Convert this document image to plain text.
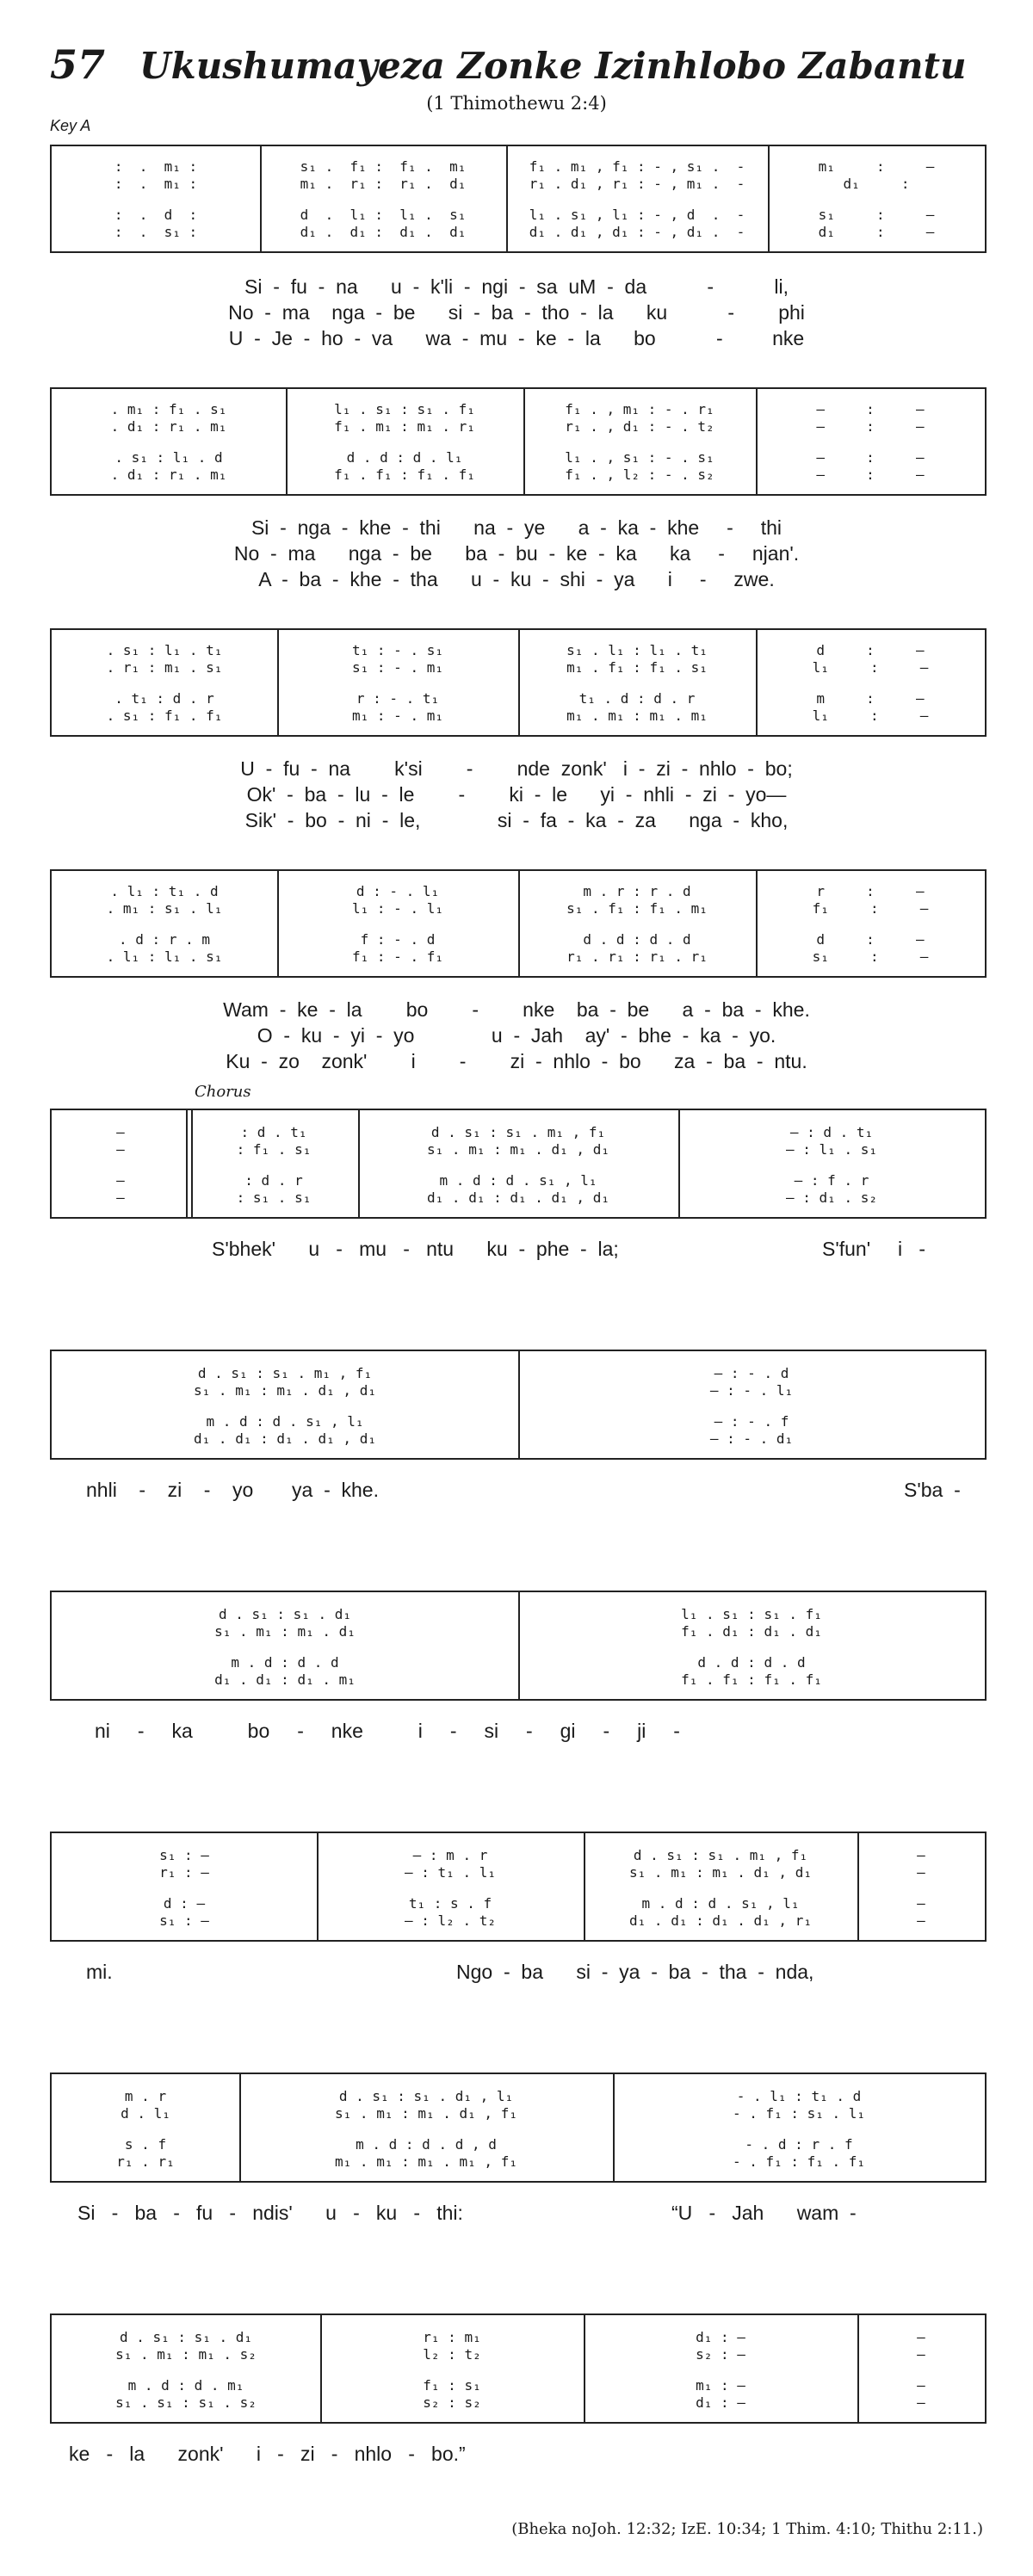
57 Ukushumayeza Zonke Izinhlobo Zabantu
(1 Thimothewu 2:4)
Key A
Chorus
:  .  m₁ :	s₁ .  f₁ :  f₁ .  m₁	f₁ . m₁ , f₁ : - , s₁ .  -	m₁     :     —
:  .  m₁ :	m₁ .  r₁ :  r₁ .  d₁	r₁ . d₁ , r₁ : - , m₁ .  -	d₁     :
:  .  d  :	d  .  l₁ :  l₁ .  s₁	l₁ . s₁ , l₁ : - , d  .  -	s₁     :     —
:  .  s₁ :	d₁ .  d₁ :  d₁ .  d₁	d₁ . d₁ , d₁ : - , d₁ .  -	d₁     :     —
Si  -  fu  -  na      u  -  k'li  -  ngi  -  sa  uM  -  da           -           li,
No  -  ma    nga  -  be      si  -  ba  -  tho  -  la      ku           -        phi
U  -  Je  -  ho  -  va      wa  -  mu  -  ke  -  la      bo           -         nke
. m₁ : f₁ . s₁	l₁ . s₁ : s₁ . f₁	f₁ . , m₁ : - . r₁	—     :     —
. d₁ : r₁ . m₁	f₁ . m₁ : m₁ . r₁	r₁ . , d₁ : - . t₂	—     :     —
. s₁ : l₁ . d	d . d : d . l₁	l₁ . , s₁ : - . s₁	—     :     —
. d₁ : r₁ . m₁	f₁ . f₁ : f₁ . f₁	f₁ . , l₂ : - . s₂	—     :     —
Si  -  nga  -  khe  -  thi      na  -  ye      a  -  ka  -  khe     -     thi
No  -  ma      nga  -  be      ba  -  bu  -  ke  -  ka      ka     -     njan'.
A  -  ba  -  khe  -  tha      u  -  ku  -  shi  -  ya      i     -     zwe.
. s₁ : l₁ . t₁	t₁ : - . s₁	s₁ . l₁ : l₁ . t₁	d     :     —
. r₁ : m₁ . s₁	s₁ : - . m₁	m₁ . f₁ : f₁ . s₁	l₁     :     —
. t₁ : d . r	r : - . t₁	t₁ . d : d . r	m     :     —
. s₁ : f₁ . f₁	m₁ : - . m₁	m₁ . m₁ : m₁ . m₁	l₁     :     —
U  -  fu  -  na        k'si        -        nde  zonk'   i  -  zi  -  nhlo  -  bo;
Ok'  -  ba  -  lu  -  le        -        ki  -  le      yi  -  nhli  -  zi  -  yo—
Sik'  -  bo  -  ni  -  le,              si  -  fa  -  ka  -  za      nga  -  kho,
. l₁ : t₁ . d	d : - . l₁	m . r : r . d	r     :     —
. m₁ : s₁ . l₁	l₁ : - . l₁	s₁ . f₁ : f₁ . m₁	f₁     :     —
. d : r . m	f : - . d	d . d : d . d	d     :     —
. l₁ : l₁ . s₁	f₁ : - . f₁	r₁ . r₁ : r₁ . r₁	s₁     :     —
Wam  -  ke  -  la        bo        -        nke    ba  -  be      a  -  ba  -  khe.
O  -  ku  -  yi  -  yo              u  -  Jah    ay'  -  bhe  -  ka  -  yo.
Ku  -  zo    zonk'        i        -        zi  -  nhlo  -  bo      za  -  ba  -  ntu.
—	: d . t₁	d . s₁ : s₁ . m₁ , f₁	— : d . t₁
—	: f₁ . s₁	s₁ . m₁ : m₁ . d₁ , d₁	— : l₁ . s₁
—	: d . r	m . d : d . s₁ , l₁	— : f . r
—	: s₁ . s₁	d₁ . d₁ : d₁ . d₁ , d₁	— : d₁ . s₂
S'bhek'      u   -   mu   -   ntu      ku  -  phe  -  la;	S'fun'     i   -
d . s₁ : s₁ . m₁ , f₁	— : - . d
s₁ . m₁ : m₁ . d₁ , d₁	— : - . l₁
m . d : d . s₁ , l₁	— : - . f
d₁ . d₁ : d₁ . d₁ , d₁	— : - . d₁
nhli    -    zi    -    yo       ya  -  khe.	S'ba  -
d . s₁ : s₁ . d₁	l₁ . s₁ : s₁ . f₁
s₁ . m₁ : m₁ . d₁	f₁ . d₁ : d₁ . d₁
m . d : d . d	d . d : d . d
d₁ . d₁ : d₁ . m₁	f₁ . f₁ : f₁ . f₁
ni     -     ka          bo     -     nke          i     -     si     -     gi     -     ji     -
s₁ : —	— : m . r	d . s₁ : s₁ . m₁ , f₁	—
r₁ : —	— : t₁ . l₁	s₁ . m₁ : m₁ . d₁ , d₁	—
d : —	t₁ : s . f	m . d : d . s₁ , l₁	—
s₁ : —	— : l₂ . t₂	d₁ . d₁ : d₁ . d₁ , r₁	—
mi.	Ngo  -  ba      si  -  ya  -  ba  -  tha  -  nda,
m . r	d . s₁ : s₁ . d₁ , l₁	- . l₁ : t₁ . d
d . l₁	s₁ . m₁ : m₁ . d₁ , f₁	- . f₁ : s₁ . l₁
s . f	m . d : d . d , d	- . d : r . f
r₁ . r₁	m₁ . m₁ : m₁ . m₁ , f₁	- . f₁ : f₁ . f₁
Si   -   ba   -   fu   -   ndis'      u   -   ku   -   thi:	“U   -   Jah      wam  -
d . s₁ : s₁ . d₁	r₁ : m₁	d₁ : —	—
s₁ . m₁ : m₁ . s₂	l₂ : t₂	s₂ : —	—
m . d : d . m₁	f₁ : s₁	m₁ : —	—
s₁ . s₁ : s₁ . s₂	s₂ : s₂	d₁ : —	—
ke   -   la      zonk'      i   -   zi   -   nhlo   -   bo.”
(Bheka noJoh. 12:32; IzE. 10:34; 1 Thim. 4:10; Thithu 2:11.)
